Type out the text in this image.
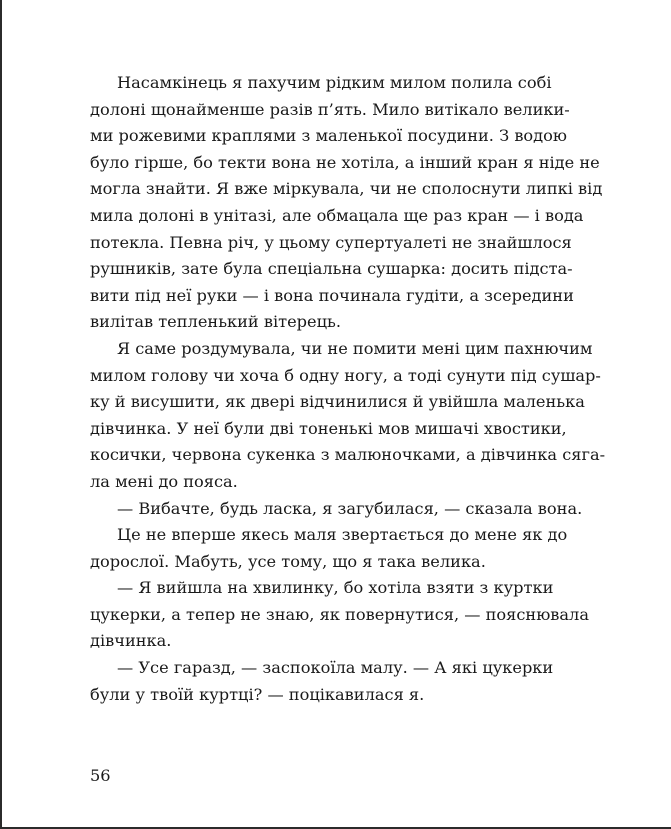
Насамкінець я пахучим рідким милом полила собі
долоні щонайменше разів п’ять. Мило витікало велики-
ми рожевими краплями з маленької посудини. З водою
було гірше, бо текти вона не хотіла, а інший кран я ніде не
могла знайти. Я вже міркувала, чи не сполоснути липкі від
мила долоні в унітазі, але обмацала ще раз кран — і вода
потекла. Певна річ, у цьому супертуалеті не знайшлося
рушників, зате була спеціальна сушарка: досить підста-
вити під неї руки — і вона починала гудіти, а зсередини
вилітав тепленький вітерець.
Я саме роздумувала, чи не помити мені цим пахнючим
милом голову чи хоча б одну ногу, а тоді сунути під сушар-
ку й висушити, як двері відчинилися й увійшла маленька
дівчинка. У неї були дві тоненькі мов мишачі хвостики,
косички, червона сукенка з малюночками, а дівчинка сяга-
ла мені до пояса.
— Вибачте, будь ласка, я загубилася, — сказала вона.
Це не вперше якесь маля звертається до мене як до
дорослої. Мабуть, усе тому, що я така велика.
— Я вийшла на хвилинку, бо хотіла взяти з куртки
цукерки, а тепер не знаю, як повернутися, — пояснювала
дівчинка.
— Усе гаразд, — заспокоїла малу. — А які цукерки
були у твоїй куртці? — поцікавилася я.
56
